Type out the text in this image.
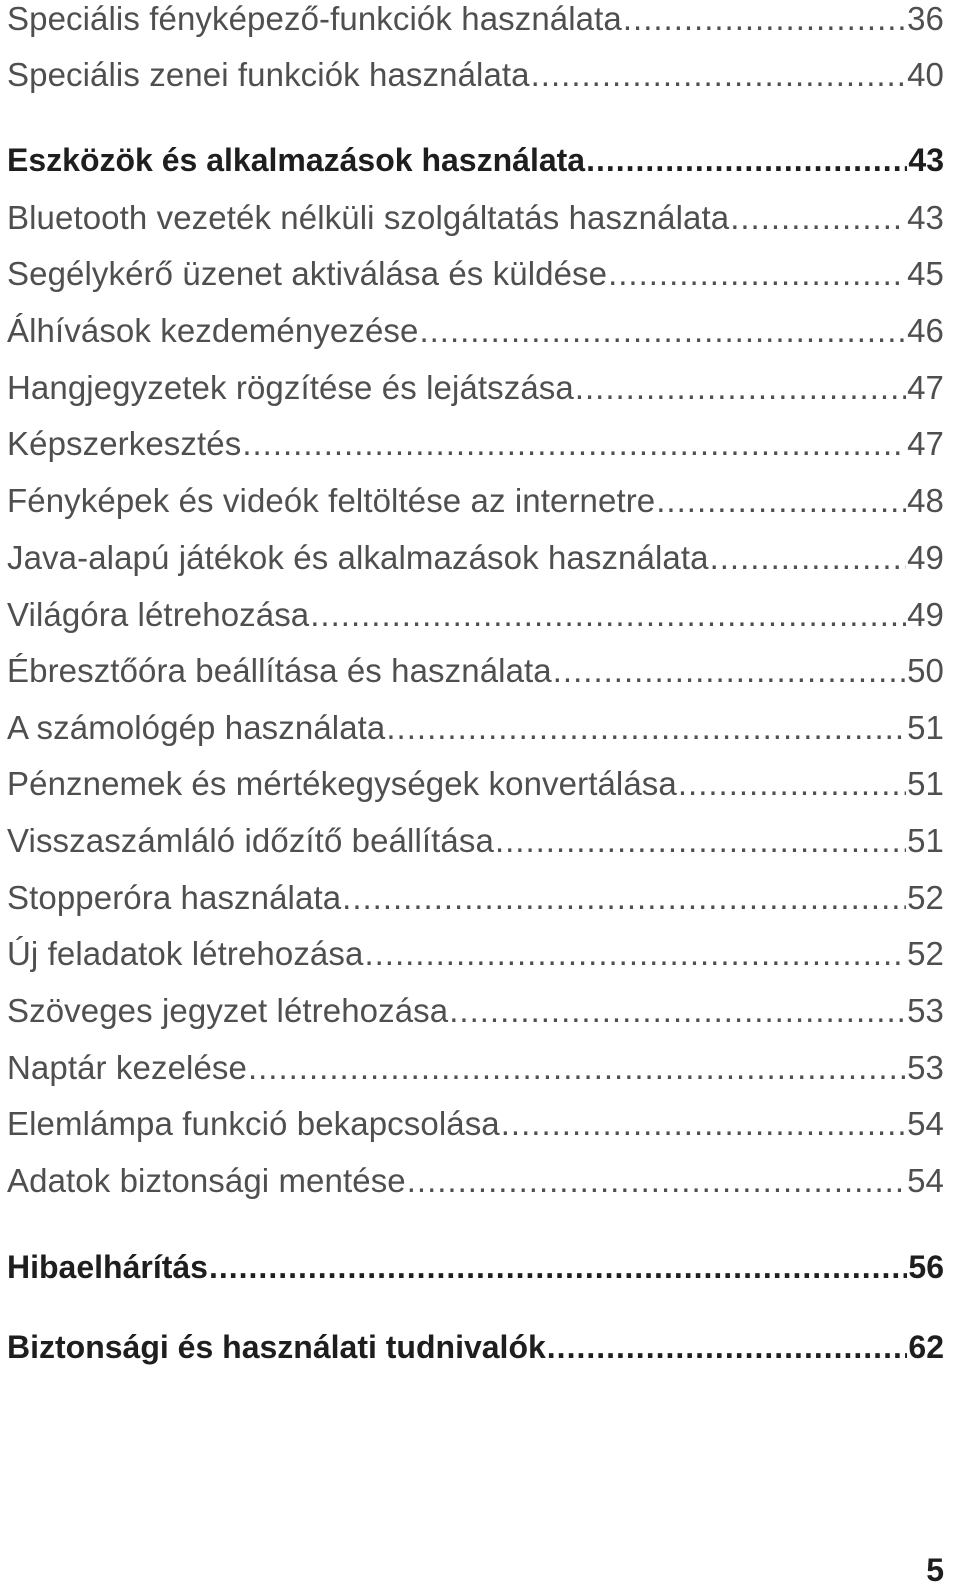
Speciális fényképező-funkciók használata .....	36
Speciális zenei funkciók használata .....	40
Eszközök és alkalmazások használata .....	43
Bluetooth vezeték nélküli szolgáltatás használata .....	43
Segélykérő üzenet aktiválása és küldése .....	45
Álhívások kezdeményezése .....	46
Hangjegyzetek rögzítése és lejátszása .....	47
Képszerkesztés .....	47
Fényképek és videók feltöltése az internetre .....	48
Java-alapú játékok és alkalmazások használata .....	49
Világóra létrehozása .....	49
Ébresztőóra beállítása és használata .....	50
A számológép használata .....	51
Pénznemek és mértékegységek konvertálása .....	51
Visszaszámláló időzítő beállítása .....	51
Stopperóra használata .....	52
Új feladatok létrehozása .....	52
Szöveges jegyzet létrehozása .....	53
Naptár kezelése .....	53
Elemlámpa funkció bekapcsolása .....	54
Adatok biztonsági mentése .....	54
Hibaelhárítás .....	56
Biztonsági és használati tudnivalók .....	62
5
